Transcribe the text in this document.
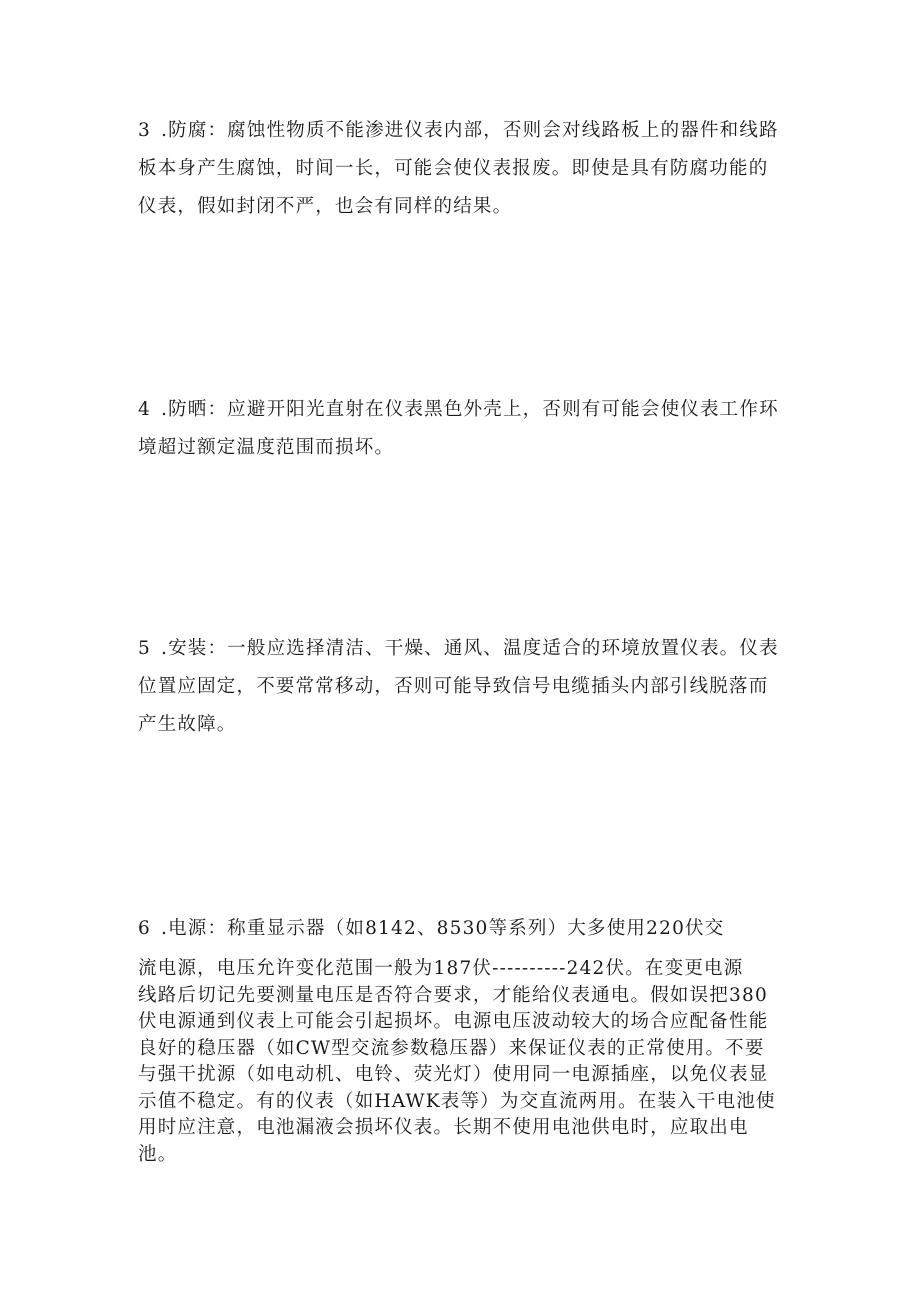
3 .防腐：腐蚀性物质不能渗进仪表内部，否则会对线路板上的器件和线路
板本身产生腐蚀，时间一长，可能会使仪表报废。即使是具有防腐功能的
仪表，假如封闭不严，也会有同样的结果。

4 .防晒：应避开阳光直射在仪表黑色外壳上，否则有可能会使仪表工作环
境超过额定温度范围而损坏。

5 .安装：一般应选择清洁、干燥、通风、温度适合的环境放置仪表。仪表
位置应固定，不要常常移动，否则可能导致信号电缆插头内部引线脱落而
产生故障。

6 .电源：称重显示器（如8142、8530等系列）大多使用220伏交

流电源，电压允许变化范围一般为187伏----------242伏。在变更电源
线路后切记先要测量电压是否符合要求，才能给仪表通电。假如误把380
伏电源通到仪表上可能会引起损坏。电源电压波动较大的场合应配备性能
良好的稳压器（如CW型交流参数稳压器）来保证仪表的正常使用。不要
与强干扰源（如电动机、电铃、荧光灯）使用同一电源插座，以免仪表显
示值不稳定。有的仪表（如HAWK表等）为交直流两用。在装入干电池使
用时应注意，电池漏液会损坏仪表。长期不使用电池供电时，应取出电
池。
